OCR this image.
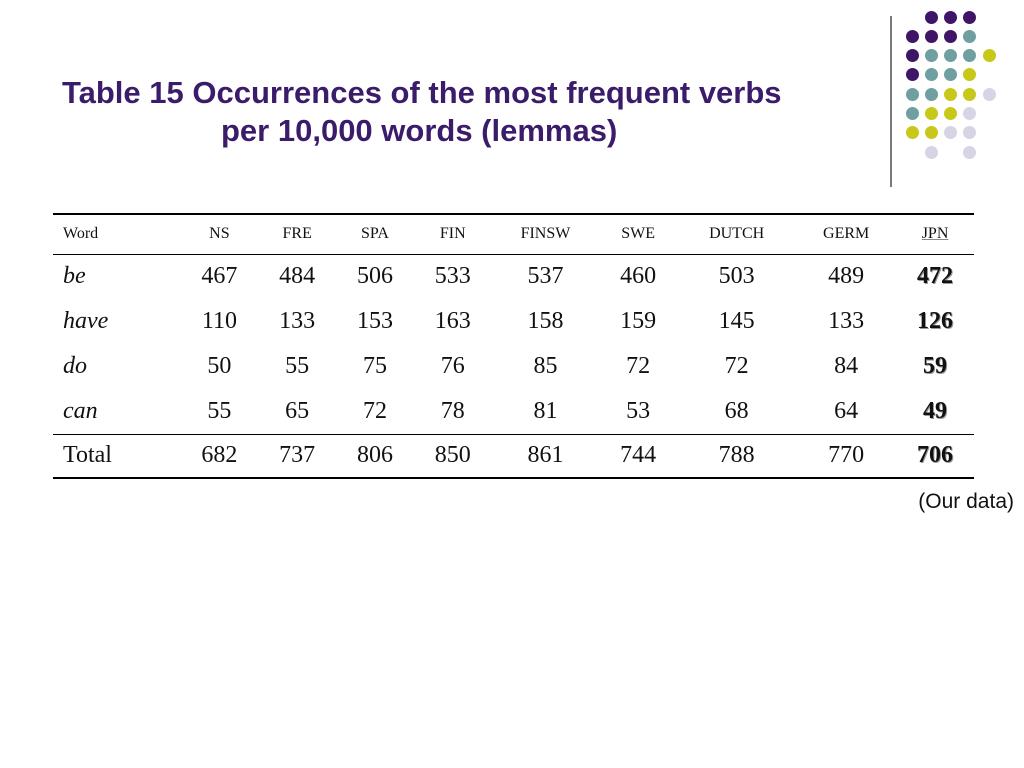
Table 15 Occurrences of the most frequent verbs
per 10,000 words (lemmas)
Word	NS	FRE	SPA	FIN	FINSW	SWE	DUTCH	GERM	JPN
be	467	484	506	533	537	460	503	489	472
have	110	133	153	163	158	159	145	133	126
do	50	55	75	76	85	72	72	84	59
can	55	65	72	78	81	53	68	64	49
Total	682	737	806	850	861	744	788	770	706
(Our data)
